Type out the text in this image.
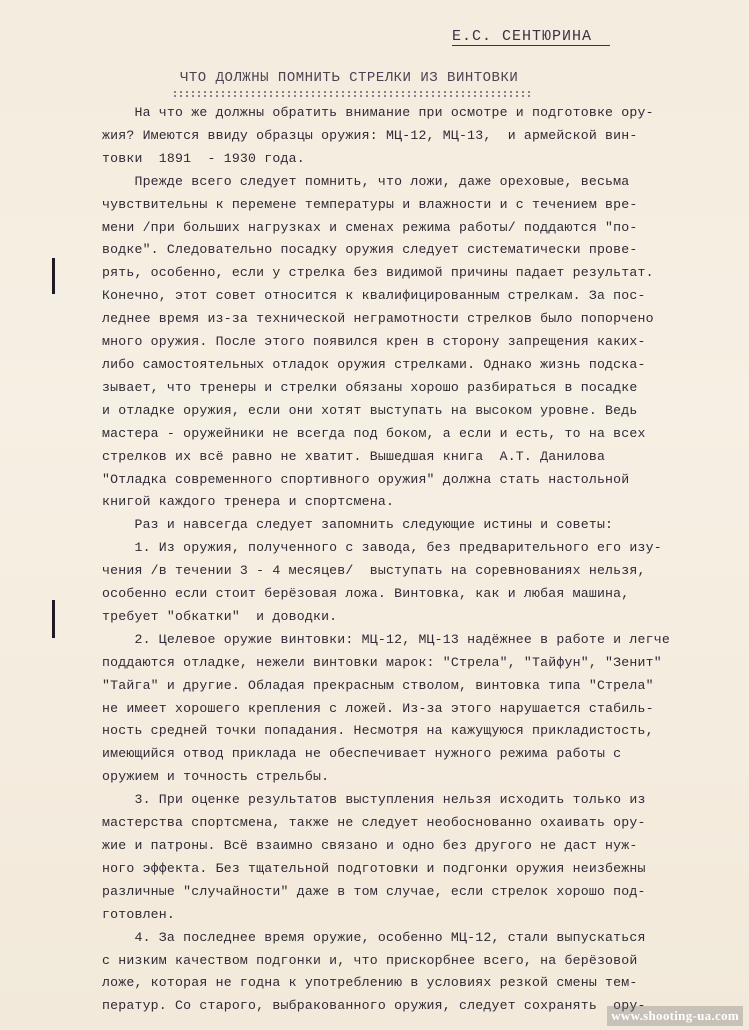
Е.С. СЕНТЮРИНА
ЧТО ДОЛЖНЫ ПОМНИТЬ СТРЕЛКИ ИЗ ВИНТОВКИ
На что же должны обратить внимание при осмотре и подготовке ору-
жия? Имеются ввиду образцы оружия: МЦ-12, МЦ-13,  и армейской вин-
товки  1891  - 1930 года.
Прежде всего следует помнить, что ложи, даже ореховые, весьма
чувствительны к перемене температуры и влажности и с течением вре-
мени /при больших нагрузках и сменах режима работы/ поддаются "по-
водке". Следовательно посадку оружия следует систематически прове-
рять, особенно, если у стрелка без видимой причины падает результат.
Конечно, этот совет относится к квалифицированным стрелкам. За пос-
леднее время из-за технической неграмотности стрелков было попорчено
много оружия. После этого появился крен в сторону запрещения каких-
либо самостоятельных отладок оружия стрелками. Однако жизнь подска-
зывает, что тренеры и стрелки обязаны хорошо разбираться в посадке
и отладке оружия, если они хотят выступать на высоком уровне. Ведь
мастера - оружейники не всегда под боком, а если и есть, то на всех
стрелков их всё равно не хватит. Вышедшая книга  А.Т. Данилова
"Отладка современного спортивного оружия" должна стать настольной
книгой каждого тренера и спортсмена.
Раз и навсегда следует запомнить следующие истины и советы:
1. Из оружия, полученного с завода, без предварительного его изу-
чения /в течении 3 - 4 месяцев/  выступать на соревнованиях нельзя,
особенно если стоит берёзовая ложа. Винтовка, как и любая машина,
требует "обкатки"  и доводки.
2. Целевое оружие винтовки: МЦ-12, МЦ-13 надёжнее в работе и легче
поддаются отладке, нежели винтовки марок: "Стрела", "Тайфун", "Зенит"
"Тайга" и другие. Обладая прекрасным стволом, винтовка типа "Стрела"
не имеет хорошего крепления с ложей. Из-за этого нарушается стабиль-
ность средней точки попадания. Несмотря на кажущуюся прикладистость,
имеющийся отвод приклада не обеспечивает нужного режима работы с
оружием и точность стрельбы.
3. При оценке результатов выступления нельзя исходить только из
мастерства спортсмена, также не следует необоснованно охаивать ору-
жие и патроны. Всё взаимно связано и одно без другого не даст нуж-
ного эффекта. Без тщательной подготовки и подгонки оружия неизбежны
различные "случайности" даже в том случае, если стрелок хорошо под-
готовлен.
4. За последнее время оружие, особенно МЦ-12, стали выпускаться
с низким качеством подгонки и, что прискорбнее всего, на берёзовой
ложе, которая не годна к употреблению в условиях резкой смены тем-
ператур. Со старого, выбракованного оружия, следует сохранять  ору-
www.shooting-ua.com
